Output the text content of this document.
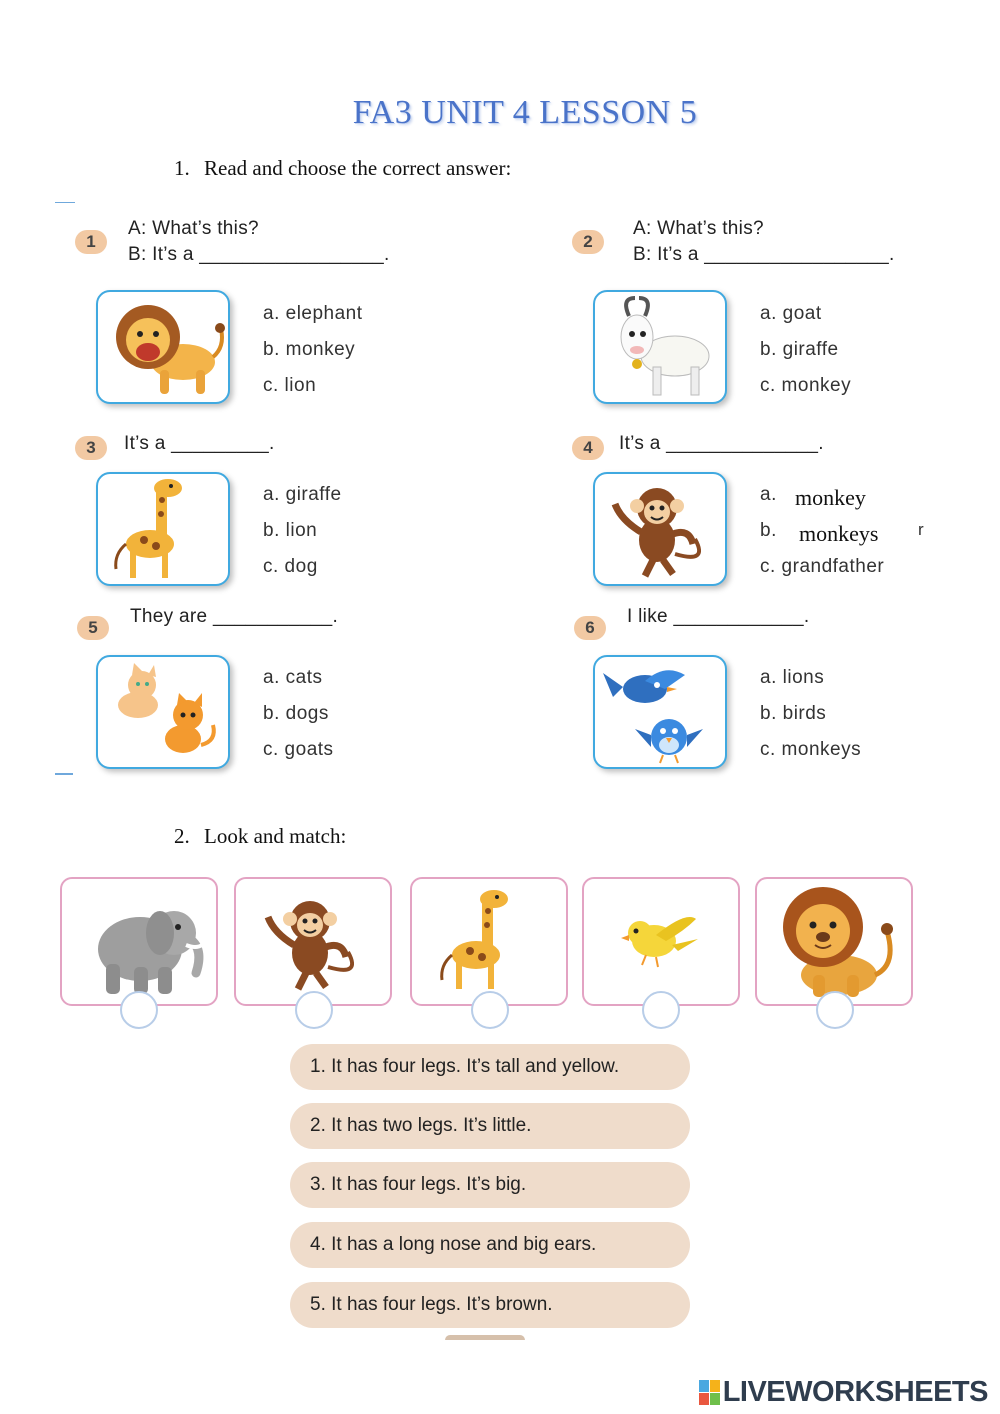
FA3 UNIT 4 LESSON 5
1. Read and choose the correct answer:
1
A: What’s this?
B: It’s a _________________.
a. elephant
b. monkey
c. lion
2
A: What’s this?
B: It’s a _________________.
a. goat
b. giraffe
c. monkey
3	It’s a _________.
a. giraffe
b. lion
c. dog
4	It’s a ______________.
a. monkey
b. monkeys r
c. grandfather
5
They are ___________.
a. cats
b. dogs
c. goats
6
I like ____________.
a. lions
b. birds
c. monkeys
2. Look and match:
1. It has four legs. It’s tall and yellow.
2. It has two legs. It’s little.
3. It has four legs. It’s big.
4. It has a long nose and big ears.
5. It has four legs. It’s brown.
LIVEWORKSHEETS
